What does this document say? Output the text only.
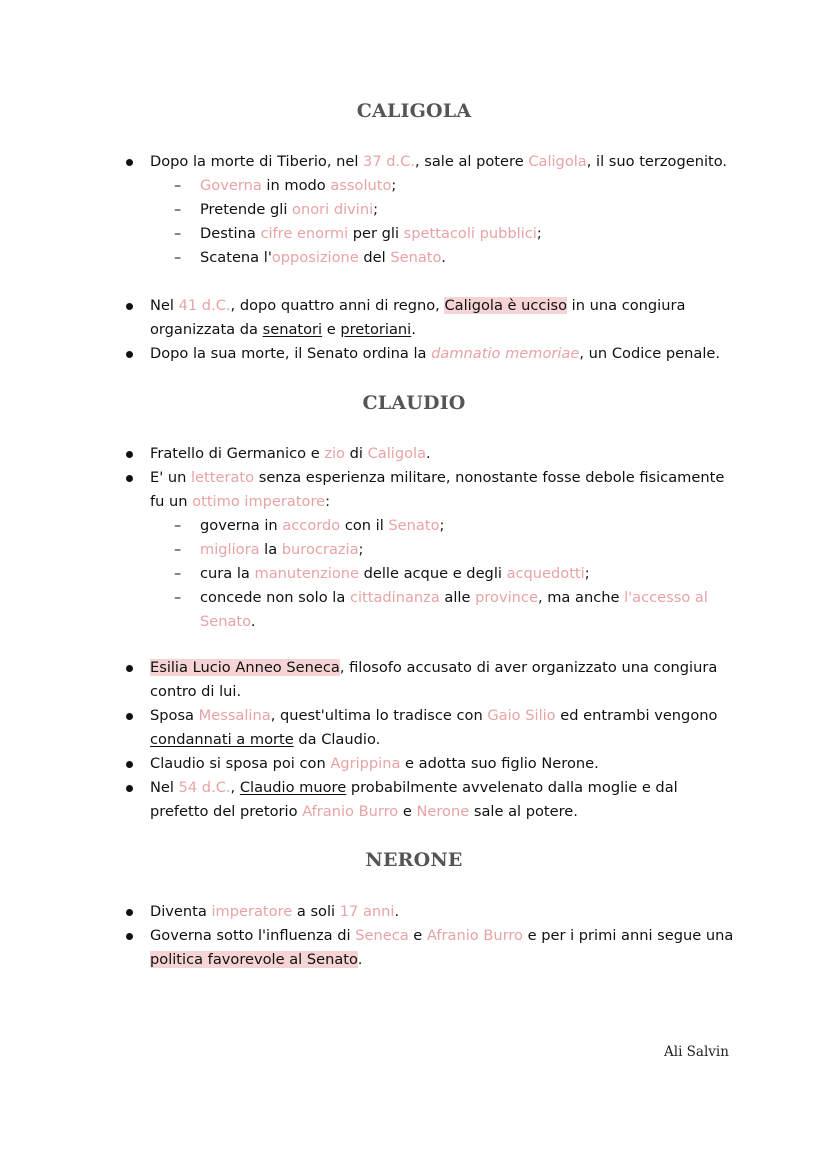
CALIGOLA
Dopo la morte di Tiberio, nel 37 d.C., sale al potere Caligola, il suo terzogenito.
– Governa in modo assoluto;
– Pretende gli onori divini;
– Destina cifre enormi per gli spettacoli pubblici;
– Scatena l'opposizione del Senato.
Nel 41 d.C., dopo quattro anni di regno, Caligola è ucciso in una congiura
organizzata da senatori e pretoriani.
Dopo la sua morte, il Senato ordina la damnatio memoriae, un Codice penale.
CLAUDIO
Fratello di Germanico e zio di Caligola.
E' un letterato senza esperienza militare, nonostante fosse debole fisicamente
fu un ottimo imperatore:
– governa in accordo con il Senato;
– migliora la burocrazia;
– cura la manutenzione delle acque e degli acquedotti;
– concede non solo la cittadinanza alle province, ma anche l'accesso al
Senato.
Esilia Lucio Anneo Seneca, filosofo accusato di aver organizzato una congiura
contro di lui.
Sposa Messalina, quest'ultima lo tradisce con Gaio Silio ed entrambi vengono
condannati a morte da Claudio.
Claudio si sposa poi con Agrippina e adotta suo figlio Nerone.
Nel 54 d.C., Claudio muore probabilmente avvelenato dalla moglie e dal
prefetto del pretorio Afranio Burro e Nerone sale al potere.
NERONE
Diventa imperatore a soli 17 anni.
Governa sotto l'influenza di Seneca e Afranio Burro e per i primi anni segue una
politica favorevole al Senato.
Ali Salvin
